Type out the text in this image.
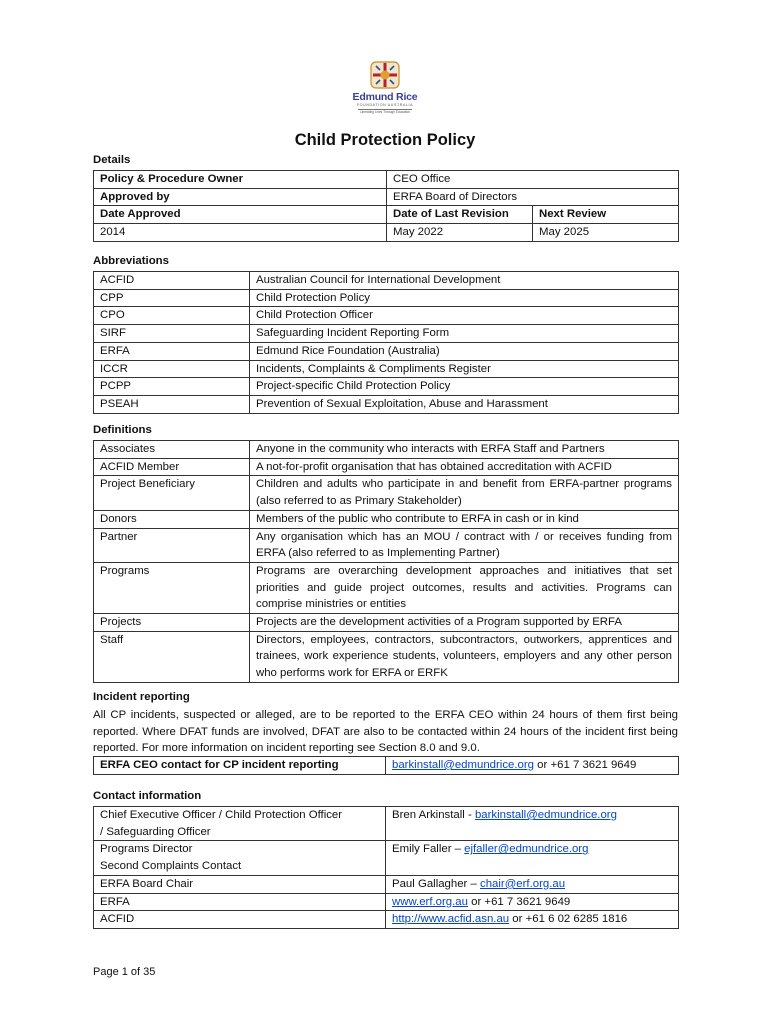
Edmund Rice
FOUNDATION AUSTRALIA
Liberating Lives Through Education
Child Protection Policy
Details
Policy & Procedure Owner	CEO Office	
Approved by	ERFA Board of Directors	
Date Approved	Date of Last Revision	Next Review
2014	May 2022	May 2025
Abbreviations
ACFID	Australian Council for International Development
CPP	Child Protection Policy
CPO	Child Protection Officer
SIRF	Safeguarding Incident Reporting Form
ERFA	Edmund Rice Foundation (Australia)
ICCR	Incidents, Complaints & Compliments Register
PCPP	Project-specific Child Protection Policy
PSEAH	Prevention of Sexual Exploitation, Abuse and Harassment
Definitions
Associates	Anyone in the community who interacts with ERFA Staff and Partners
ACFID Member	A not-for-profit organisation that has obtained accreditation with ACFID
Project Beneficiary	Children and adults who participate in and benefit from ERFA-partner programs (also referred to as Primary Stakeholder)
Donors	Members of the public who contribute to ERFA in cash or in kind
Partner	Any organisation which has an MOU / contract with / or receives funding from ERFA (also referred to as Implementing Partner)
Programs	Programs are overarching development approaches and initiatives that set priorities and guide project outcomes, results and activities. Programs can comprise ministries or entities
Projects	Projects are the development activities of a Program supported by ERFA
Staff	Directors, employees, contractors, subcontractors, outworkers, apprentices and trainees, work experience students, volunteers, employers and any other person who performs work for ERFA or ERFK
Incident reporting
All CP incidents, suspected or alleged, are to be reported to the ERFA CEO within 24 hours of them first being reported. Where DFAT funds are involved, DFAT are also to be contacted within 24 hours of the incident first being reported. For more information on incident reporting see Section 8.0 and 9.0.
ERFA CEO contact for CP incident reporting	barkinstall@edmundrice.org or +61 7 3621 9649
Contact information
Chief Executive Officer / Child Protection Officer
/ Safeguarding Officer	Bren Arkinstall - barkinstall@edmundrice.org

Programs Director
Second Complaints Contact	Emily Faller – ejfaller@edmundrice.org
ERFA Board Chair	Paul Gallagher – chair@erf.org.au
ERFA	www.erf.org.au or +61 7 3621 9649
ACFID	http://www.acfid.asn.au or +61 6 02 6285 1816
Page 1 of 35
